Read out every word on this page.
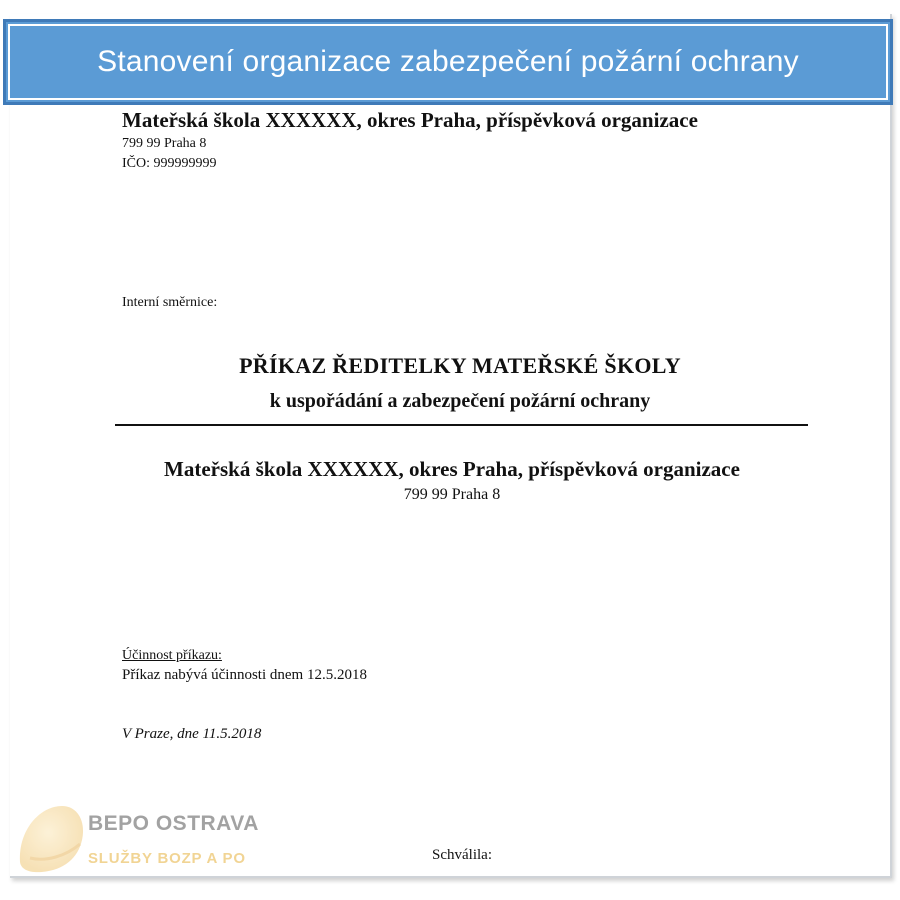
Stanovení organizace zabezpečení požární ochrany
Mateřská škola XXXXXX, okres Praha, příspěvková organizace
799 99 Praha 8
IČO: 999999999
Interní směrnice:
PŘÍKAZ ŘEDITELKY MATEŘSKÉ ŠKOLY
k uspořádání a zabezpečení požární ochrany
Mateřská škola XXXXXX, okres Praha, příspěvková organizace
799 99 Praha 8
Účinnost příkazu:
Příkaz nabývá účinnosti dnem 12.5.2018
V Praze, dne 11.5.2018
Schválila:
BEPO OSTRAVA
SLUŽBY BOZP A PO
